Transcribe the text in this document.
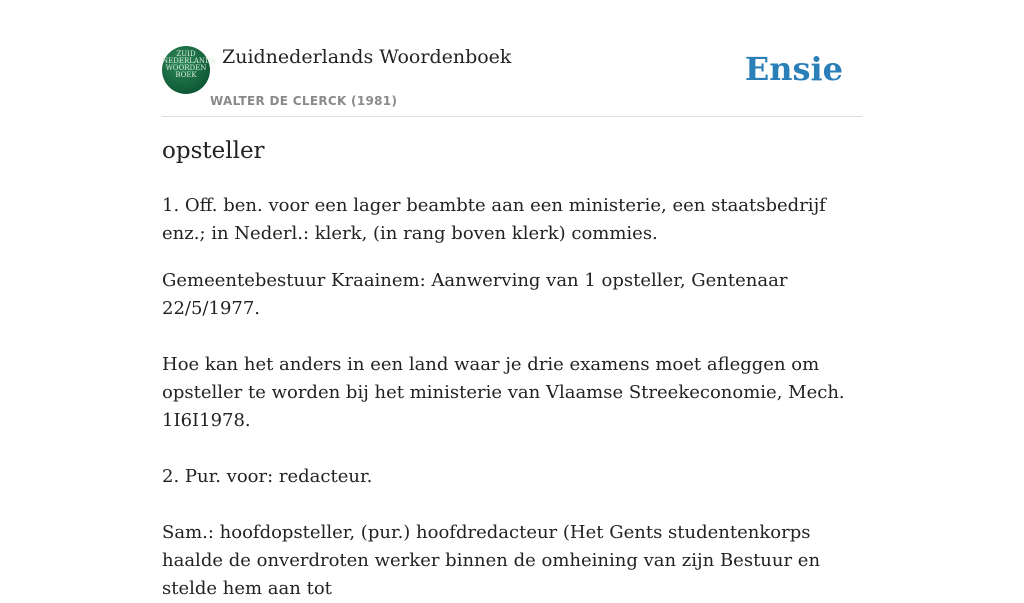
ZUID NEDERLANDS WOORDEN BOEK
Zuidnederlands Woordenboek
WALTER DE CLERCK (1981)
Ensie
opsteller

1. Off. ben. voor een lager beambte aan een ministerie, een staatsbedrijf enz.; in Nederl.: klerk, (in rang boven klerk) commies.

Gemeentebestuur Kraainem: Aanwerving van 1 opsteller, Gentenaar 22/5/1977.

Hoe kan het anders in een land waar je drie examens moet afleggen om opsteller te worden bij het ministerie van Vlaamse Streekeconomie, Mech. 1I6I1978.

2. Pur. voor: redacteur.

Sam.: hoofdopsteller, (pur.) hoofdredacteur (Het Gents studentenkorps haalde de onverdroten werker binnen de omheining van zijn Bestuur en stelde hem aan tot
